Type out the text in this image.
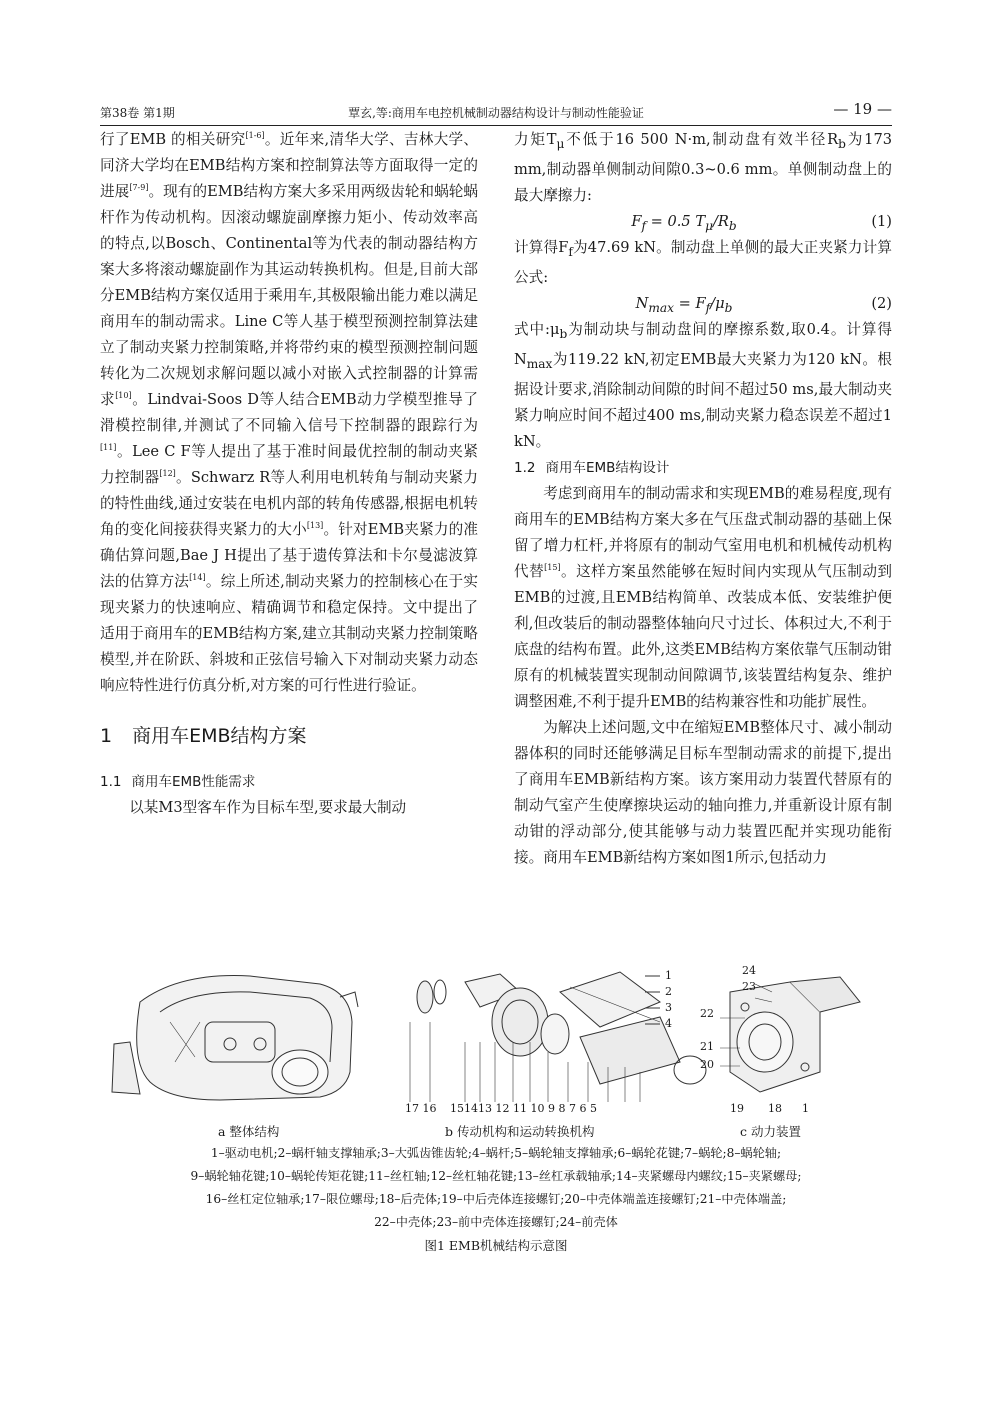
第38卷 第1期	覃玄,等:商用车电控机械制动器结构设计与制动性能验证	— 19 —

行了EMB 的相关研究[1-6]。近年来,清华大学、吉林大学、同济大学均在EMB结构方案和控制算法等方面取得一定的进展[7-9]。现有的EMB结构方案大多采用两级齿轮和蜗轮蜗杆作为传动机构。因滚动螺旋副摩擦力矩小、传动效率高的特点,以Bosch、Continental等为代表的制动器结构方案大多将滚动螺旋副作为其运动转换机构。但是,目前大部分EMB结构方案仅适用于乘用车,其极限输出能力难以满足商用车的制动需求。Line C等人基于模型预测控制算法建立了制动夹紧力控制策略,并将带约束的模型预测控制问题转化为二次规划求解问题以减小对嵌入式控制器的计算需求[10]。Lindvai-Soos D等人结合EMB动力学模型推导了滑模控制律,并测试了不同输入信号下控制器的跟踪行为[11]。Lee C F等人提出了基于准时间最优控制的制动夹紧力控制器[12]。Schwarz R等人利用电机转角与制动夹紧力的特性曲线,通过安装在电机内部的转角传感器,根据电机转角的变化间接获得夹紧力的大小[13]。针对EMB夹紧力的准确估算问题,Bae J H提出了基于遗传算法和卡尔曼滤波算法的估算方法[14]。综上所述,制动夹紧力的控制核心在于实现夹紧力的快速响应、精确调节和稳定保持。文中提出了适用于商用车的EMB结构方案,建立其制动夹紧力控制策略模型,并在阶跃、斜坡和正弦信号输入下对制动夹紧力动态响应特性进行仿真分析,对方案的可行性进行验证。

1 商用车EMB结构方案
1.1 商用车EMB性能需求

以某M3型客车作为目标车型,要求最大制动

力矩$T_\mu$不低于16 500 N·m,制动盘有效半径$R_b$为173 mm,制动器单侧制动间隙0.3~0.6 mm。单侧制动盘上的最大摩擦力:

$F_f = 0.5$ $T_\mu/R_b$	(1)

计算得$F_f$为47.69 kN。制动盘上单侧的最大正夹紧力计算公式:

$N_{max} = F_f/\mu_b$	(2)

式中$:\mu_b$为制动块与制动盘间的摩擦系数,取0.4。计算得$N_{max}$为119.22 kN,初定EMB最大夹紧力为120 kN。根据设计要求,消除制动间隙的时间不超过50 ms,最大制动夹紧力响应时间不超过400 ms,制动夹紧力稳态误差不超过1 kN。

1.2 商用车EMB结构设计

考虑到商用车的制动需求和实现EMB的难易程度,现有商用车的EMB结构方案大多在气压盘式制动器的基础上保留了增力杠杆,并将原有的制动气室用电机和机械传动机构代替[15]。这样方案虽然能够在短时间内实现从气压制动到EMB的过渡,且EMB结构简单、改装成本低、安装维护便利,但改装后的制动器整体轴向尺寸过长、体积过大,不利于底盘的结构布置。此外,这类EMB结构方案依靠气压制动钳原有的机械装置实现制动间隙调节,该装置结构复杂、维护调整困难,不利于提升EMB的结构兼容性和功能扩展性。

为解决上述问题,文中在缩短EMB整体尺寸、减小制动器体积的同时还能够满足目标车型制动需求的前提下,提出了商用车EMB新结构方案。该方案用动力装置代替原有的制动气室产生使摩擦块运动的轴向推力,并重新设计原有制动钳的浮动部分,使其能够与动力装置匹配并实现功能衔接。商用车EMB新结构方案如图1所示,包括动力

1
2
3
4
17 16 151413 12 11 10 9 8 7 6 5
24
23
22
21
20
19 18 1
a 整体结构	b 传动机构和运动转换机构	c 动力装置
1–驱动电机;2–蜗杆轴支撑轴承;3–大弧齿锥齿轮;4–蜗杆;5–蜗轮轴支撑轴承;6–蜗轮花键;7–蜗轮;8–蜗轮轴;
9–蜗轮轴花键;10–蜗轮传矩花键;11–丝杠轴;12–丝杠轴花键;13–丝杠承载轴承;14–夹紧螺母内螺纹;15–夹紧螺母;
16–丝杠定位轴承;17–限位螺母;18–后壳体;19–中后壳体连接螺钉;20–中壳体端盖连接螺钉;21–中壳体端盖;
22–中壳体;23–前中壳体连接螺钉;24–前壳体
图1 EMB机械结构示意图
